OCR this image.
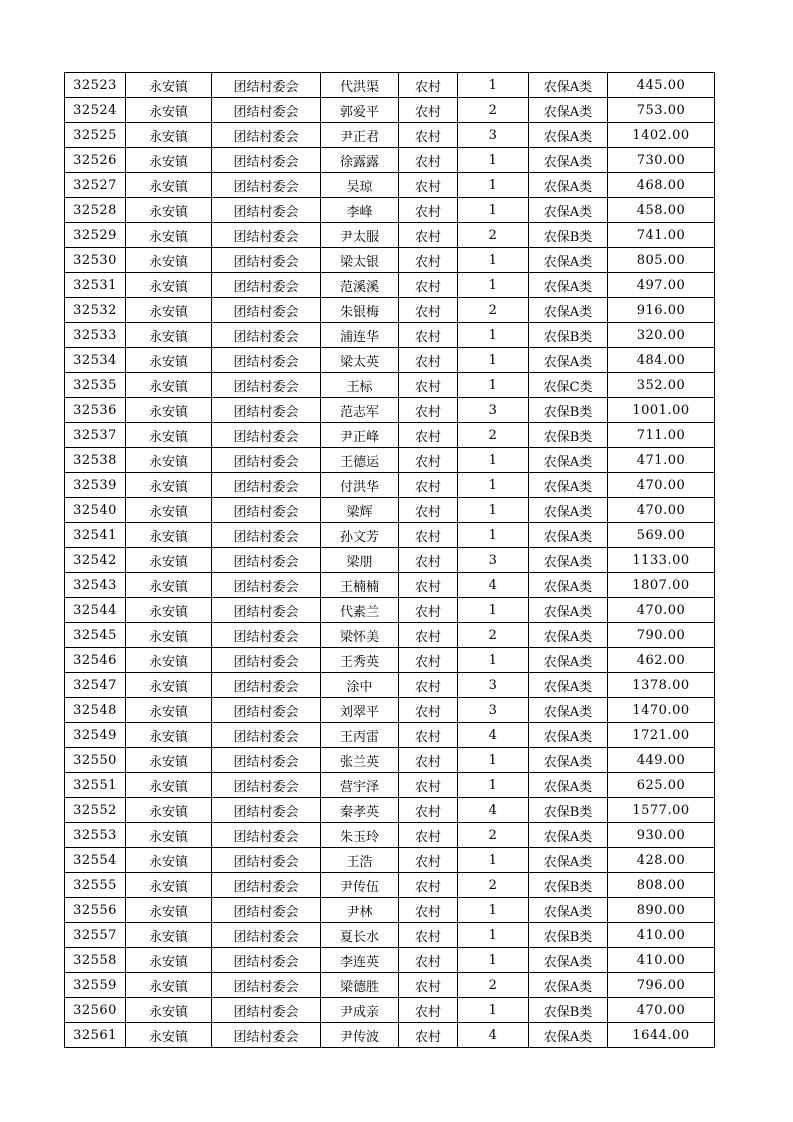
32523	永安镇	团结村委会	代洪渠	农村	1	农保A类	445.00
32524	永安镇	团结村委会	郭爱平	农村	2	农保A类	753.00
32525	永安镇	团结村委会	尹正君	农村	3	农保A类	1402.00
32526	永安镇	团结村委会	徐露露	农村	1	农保A类	730.00
32527	永安镇	团结村委会	吴琼	农村	1	农保A类	468.00
32528	永安镇	团结村委会	李峰	农村	1	农保A类	458.00
32529	永安镇	团结村委会	尹太服	农村	2	农保B类	741.00
32530	永安镇	团结村委会	梁太银	农村	1	农保A类	805.00
32531	永安镇	团结村委会	范溪溪	农村	1	农保A类	497.00
32532	永安镇	团结村委会	朱银梅	农村	2	农保A类	916.00
32533	永安镇	团结村委会	浦连华	农村	1	农保B类	320.00
32534	永安镇	团结村委会	梁太英	农村	1	农保A类	484.00
32535	永安镇	团结村委会	王标	农村	1	农保C类	352.00
32536	永安镇	团结村委会	范志军	农村	3	农保B类	1001.00
32537	永安镇	团结村委会	尹正峰	农村	2	农保B类	711.00
32538	永安镇	团结村委会	王德运	农村	1	农保A类	471.00
32539	永安镇	团结村委会	付洪华	农村	1	农保A类	470.00
32540	永安镇	团结村委会	梁辉	农村	1	农保A类	470.00
32541	永安镇	团结村委会	孙文芳	农村	1	农保A类	569.00
32542	永安镇	团结村委会	梁朋	农村	3	农保A类	1133.00
32543	永安镇	团结村委会	王楠楠	农村	4	农保A类	1807.00
32544	永安镇	团结村委会	代素兰	农村	1	农保A类	470.00
32545	永安镇	团结村委会	梁怀美	农村	2	农保A类	790.00
32546	永安镇	团结村委会	王秀英	农村	1	农保A类	462.00
32547	永安镇	团结村委会	涂中	农村	3	农保A类	1378.00
32548	永安镇	团结村委会	刘翠平	农村	3	农保A类	1470.00
32549	永安镇	团结村委会	王丙雷	农村	4	农保A类	1721.00
32550	永安镇	团结村委会	张兰英	农村	1	农保A类	449.00
32551	永安镇	团结村委会	营宇泽	农村	1	农保A类	625.00
32552	永安镇	团结村委会	秦孝英	农村	4	农保B类	1577.00
32553	永安镇	团结村委会	朱玉玲	农村	2	农保A类	930.00
32554	永安镇	团结村委会	王浩	农村	1	农保A类	428.00
32555	永安镇	团结村委会	尹传伍	农村	2	农保B类	808.00
32556	永安镇	团结村委会	尹林	农村	1	农保A类	890.00
32557	永安镇	团结村委会	夏长水	农村	1	农保B类	410.00
32558	永安镇	团结村委会	李连英	农村	1	农保A类	410.00
32559	永安镇	团结村委会	梁德胜	农村	2	农保A类	796.00
32560	永安镇	团结村委会	尹成亲	农村	1	农保B类	470.00
32561	永安镇	团结村委会	尹传波	农村	4	农保A类	1644.00
